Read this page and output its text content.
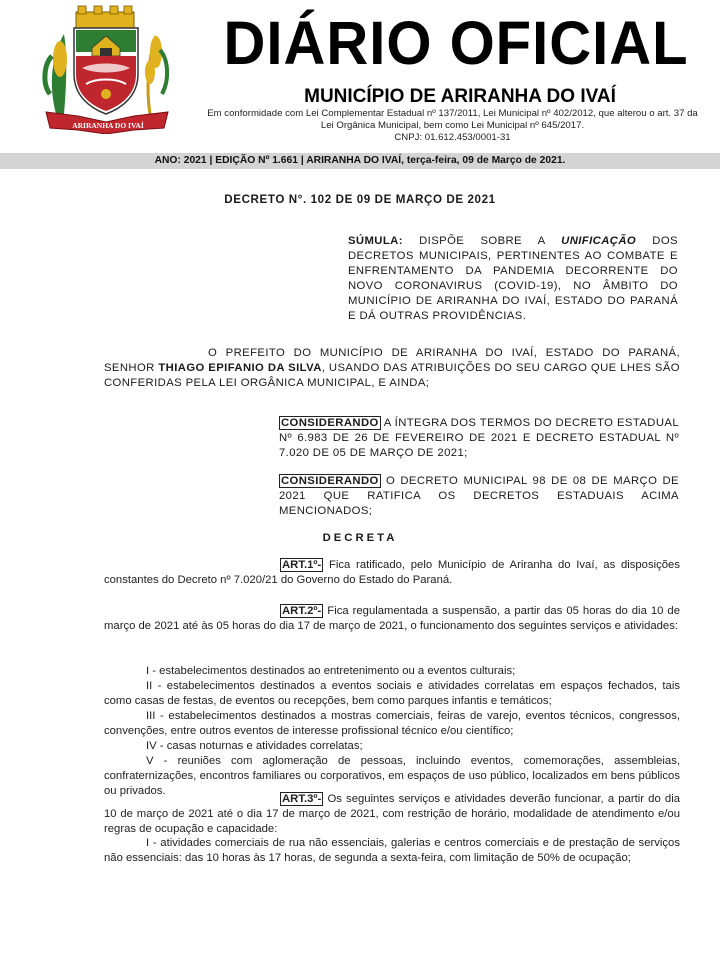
ARIRANHA DO IVAÍ
DIÁRIO OFICIAL
MUNICÍPIO DE ARIRANHA DO IVAÍ
Em conformidade com Lei Complementar Estadual nº 137/2011, Lei Municipal nº 402/2012, que alterou o art. 37 da
Lei Orgânica Municipal, bem como Lei Municipal nº 645/2017.
CNPJ: 01.612.453/0001-31
ANO: 2021 | EDIÇÃO Nº 1.661 | ARIRANHA DO IVAÍ, terça-feira, 09 de Março de 2021.
DECRETO N°. 102 DE 09 DE MARÇO DE 2021
SÚMULA: DISPÕE SOBRE A UNIFICAÇÃO DOS DECRETOS MUNICIPAIS, PERTINENTES AO COMBATE E ENFRENTAMENTO DA PANDEMIA DECORRENTE DO NOVO CORONAVIRUS (COVID-19), NO ÂMBITO DO MUNICÍPIO DE ARIRANHA DO IVAÍ, ESTADO DO PARANÁ E DÁ OUTRAS PROVIDÊNCIAS.
O PREFEITO DO MUNICÍPIO DE ARIRANHA DO IVAÍ, ESTADO DO PARANÁ, SENHOR THIAGO EPIFANIO DA SILVA, USANDO DAS ATRIBUIÇÕES DO SEU CARGO QUE LHES SÃO CONFERIDAS PELA LEI ORGÂNICA MUNICIPAL, E AINDA;
CONSIDERANDO A ÍNTEGRA DOS TERMOS DO DECRETO ESTADUAL Nº 6.983 DE 26 DE FEVEREIRO DE 2021 E DECRETO ESTADUAL Nº 7.020 DE 05 DE MARÇO DE 2021;
CONSIDERANDO O DECRETO MUNICIPAL 98 DE 08 DE MARÇO DE 2021 QUE RATIFICA OS DECRETOS ESTADUAIS ACIMA MENCIONADOS;
DECRETA
ART.1º- Fica ratificado, pelo Município de Ariranha do Ivaí, as disposições constantes do Decreto nº 7.020/21 do Governo do Estado do Paraná.
ART.2º- Fica regulamentada a suspensão, a partir das 05 horas do dia 10 de março de 2021 até às 05 horas do dia 17 de março de 2021, o funcionamento dos seguintes serviços e atividades:
I - estabelecimentos destinados ao entretenimento ou a eventos culturais;
II - estabelecimentos destinados a eventos sociais e atividades correlatas em espaços fechados, tais como casas de festas, de eventos ou recepções, bem como parques infantis e temáticos;
III - estabelecimentos destinados a mostras comerciais, feiras de varejo, eventos técnicos, congressos, convenções, entre outros eventos de interesse profissional técnico e/ou científico;
IV - casas noturnas e atividades correlatas;
V - reuniões com aglomeração de pessoas, incluindo eventos, comemorações, assembleias, confraternizações, encontros familiares ou corporativos, em espaços de uso público, localizados em bens públicos ou privados.
ART.3º- Os seguintes serviços e atividades deverão funcionar, a partir do dia 10 de março de 2021 até o dia 17 de março de 2021, com restrição de horário, modalidade de atendimento e/ou regras de ocupação e capacidade:
I - atividades comerciais de rua não essenciais, galerias e centros comerciais e de prestação de serviços não essenciais: das 10 horas às 17 horas, de segunda a sexta-feira, com limitação de 50% de ocupação;
